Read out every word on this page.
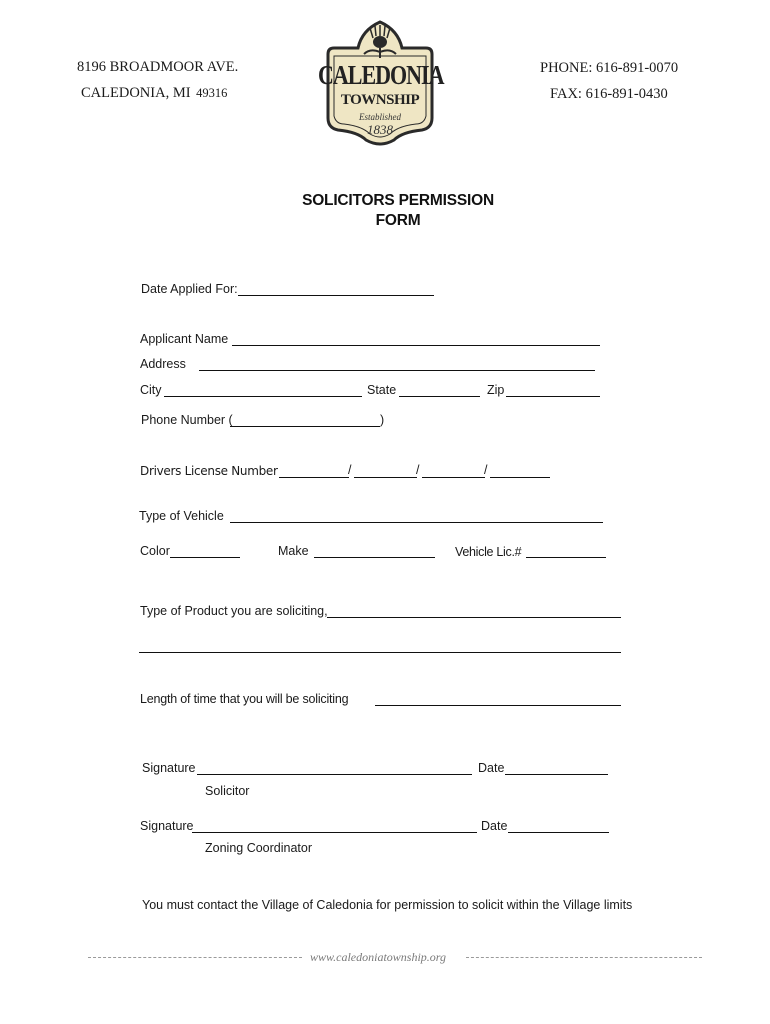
8196 BROADMOOR AVE.
CALEDONIA, MI 49316
PHONE: 616-891-0070
FAX: 616-891-0430
CALEDONIA
TOWNSHIP
Established
1838
SOLICITORS PERMISSION
FORM
Date Applied For:
Applicant Name
Address
City	State	Zip
Phone Number (	)
Drivers License Number	/	/	/
Type of Vehicle
Color	Make	Vehicle Lic.#
Type of Product you are soliciting,
Length of time that you will be soliciting
Signature	Date
Solicitor
Signature	Date
Zoning Coordinator
You must contact the Village of Caledonia for permission to solicit within the Village limits
www.caledoniatownship.org
